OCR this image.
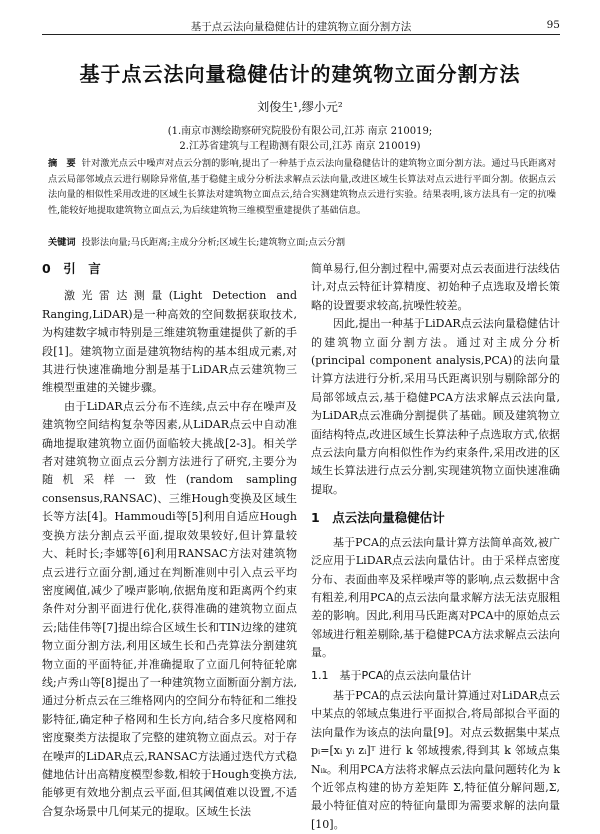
基于点云法向量稳健估计的建筑物立面分割方法	95
基于点云法向量稳健估计的建筑物立面分割方法
刘俊生¹,缪小元²
(1.南京市测绘勘察研究院股份有限公司,江苏 南京 210019;
2.江苏省建筑与工程勘测有限公司,江苏 南京 210019)
摘　要 针对激光点云中噪声对点云分割的影响,提出了一种基于点云法向量稳健估计的建筑物立面分割方法。通过马氏距离对点云局部邻域点云进行剔除异常值,基于稳健主成分分析法求解点云法向量,改进区域生长算法对点云进行平面分割。依据点云法向量的相似性采用改进的区域生长算法对建筑物立面点云,结合实测建筑物点云进行实验。结果表明,该方法具有一定的抗噪性,能较好地提取建筑物立面点云,为后续建筑物三维模型重建提供了基础信息。
关键词 投影法向量;马氏距离;主成分分析;区域生长;建筑物立面;点云分割
0　引　言

激光雷达测量(Light Detection and Ranging,LiDAR)是一种高效的空间数据获取技术,为构建数字城市特别是三维建筑物重建提供了新的手段[1]。建筑物立面是建筑物结构的基本组成元素,对其进行快速准确地分割是基于LiDAR点云建筑物三维模型重建的关键步骤。

由于LiDAR点云分布不连续,点云中存在噪声及建筑物空间结构复杂等因素,从LiDAR点云中自动准确地提取建筑物立面仍面临较大挑战[2-3]。相关学者对建筑物立面点云分割方法进行了研究,主要分为随机采样一致性(random sampling consensus,RANSAC)、三维Hough变换及区域生长等方法[4]。Hammoudi等[5]利用自适应Hough变换方法分割点云平面,提取效果较好,但计算量较大、耗时长;李娜等[6]利用RANSAC方法对建筑物点云进行立面分割,通过在判断准则中引入点云平均密度阈值,减少了噪声影响,依据角度和距离两个约束条件对分割平面进行优化,获得准确的建筑物立面点云;陆佳伟等[7]提出综合区域生长和TIN边缘的建筑物立面分割方法,利用区域生长和凸壳算法分割建筑物立面的平面特征,并准确提取了立面几何特征轮廓线;卢秀山等[8]提出了一种建筑物立面断面分割方法,通过分析点云在三维格网内的空间分布特征和二维投影特征,确定种子格网和生长方向,结合多尺度格网和密度聚类方法提取了完整的建筑物立面点云。对于存在噪声的LiDAR点云,RANSAC方法通过迭代方式稳健地估计出高精度模型参数,相较于Hough变换方法,能够更有效地分割点云平面,但其阈值难以设置,不适合复杂场景中几何某元的提取。区域生长法

简单易行,但分割过程中,需要对点云表面进行法线估计,对点云特征计算精度、初始种子点选取及增长策略的设置要求较高,抗噪性较差。

因此,提出一种基于LiDAR点云法向量稳健估计的建筑物立面分割方法。通过对主成分分析(principal component analysis,PCA)的法向量计算方法进行分析,采用马氏距离识别与剔除部分的局部邻域点云,基于稳健PCA方法求解点云法向量,为LiDAR点云准确分割提供了基础。顾及建筑物立面结构特点,改进区域生长算法种子点选取方式,依据点云法向量方向相似性作为约束条件,采用改进的区域生长算法进行点云分割,实现建筑物立面快速准确提取。

1　点云法向量稳健估计

基于PCA的点云法向量计算方法简单高效,被广泛应用于LiDAR点云法向量估计。由于采样点密度分布、表面曲率及采样噪声等的影响,点云数据中含有粗差,利用PCA的点云法向量求解方法无法克服粗差的影响。因此,利用马氏距离对PCA中的原始点云邻域进行粗差剔除,基于稳健PCA方法求解点云法向量。

1.1　基于PCA的点云法向量估计

基于PCA的点云法向量计算通过对LiDAR点云中某点的邻域点集进行平面拟合,将局部拟合平面的法向量作为该点的法向量[9]。对点云数据集中某点 pᵢ=[xᵢ yᵢ zᵢ]ᵀ 进行 k 邻域搜索,得到其 k 邻域点集 Nᵢₖ。利用PCA方法将求解点云法向量问题转化为 k 个近邻点构建的协方差矩阵 Σ,特征值分解问题,Σ,最小特征值对应的特征向量即为需要求解的法向量[10]。
